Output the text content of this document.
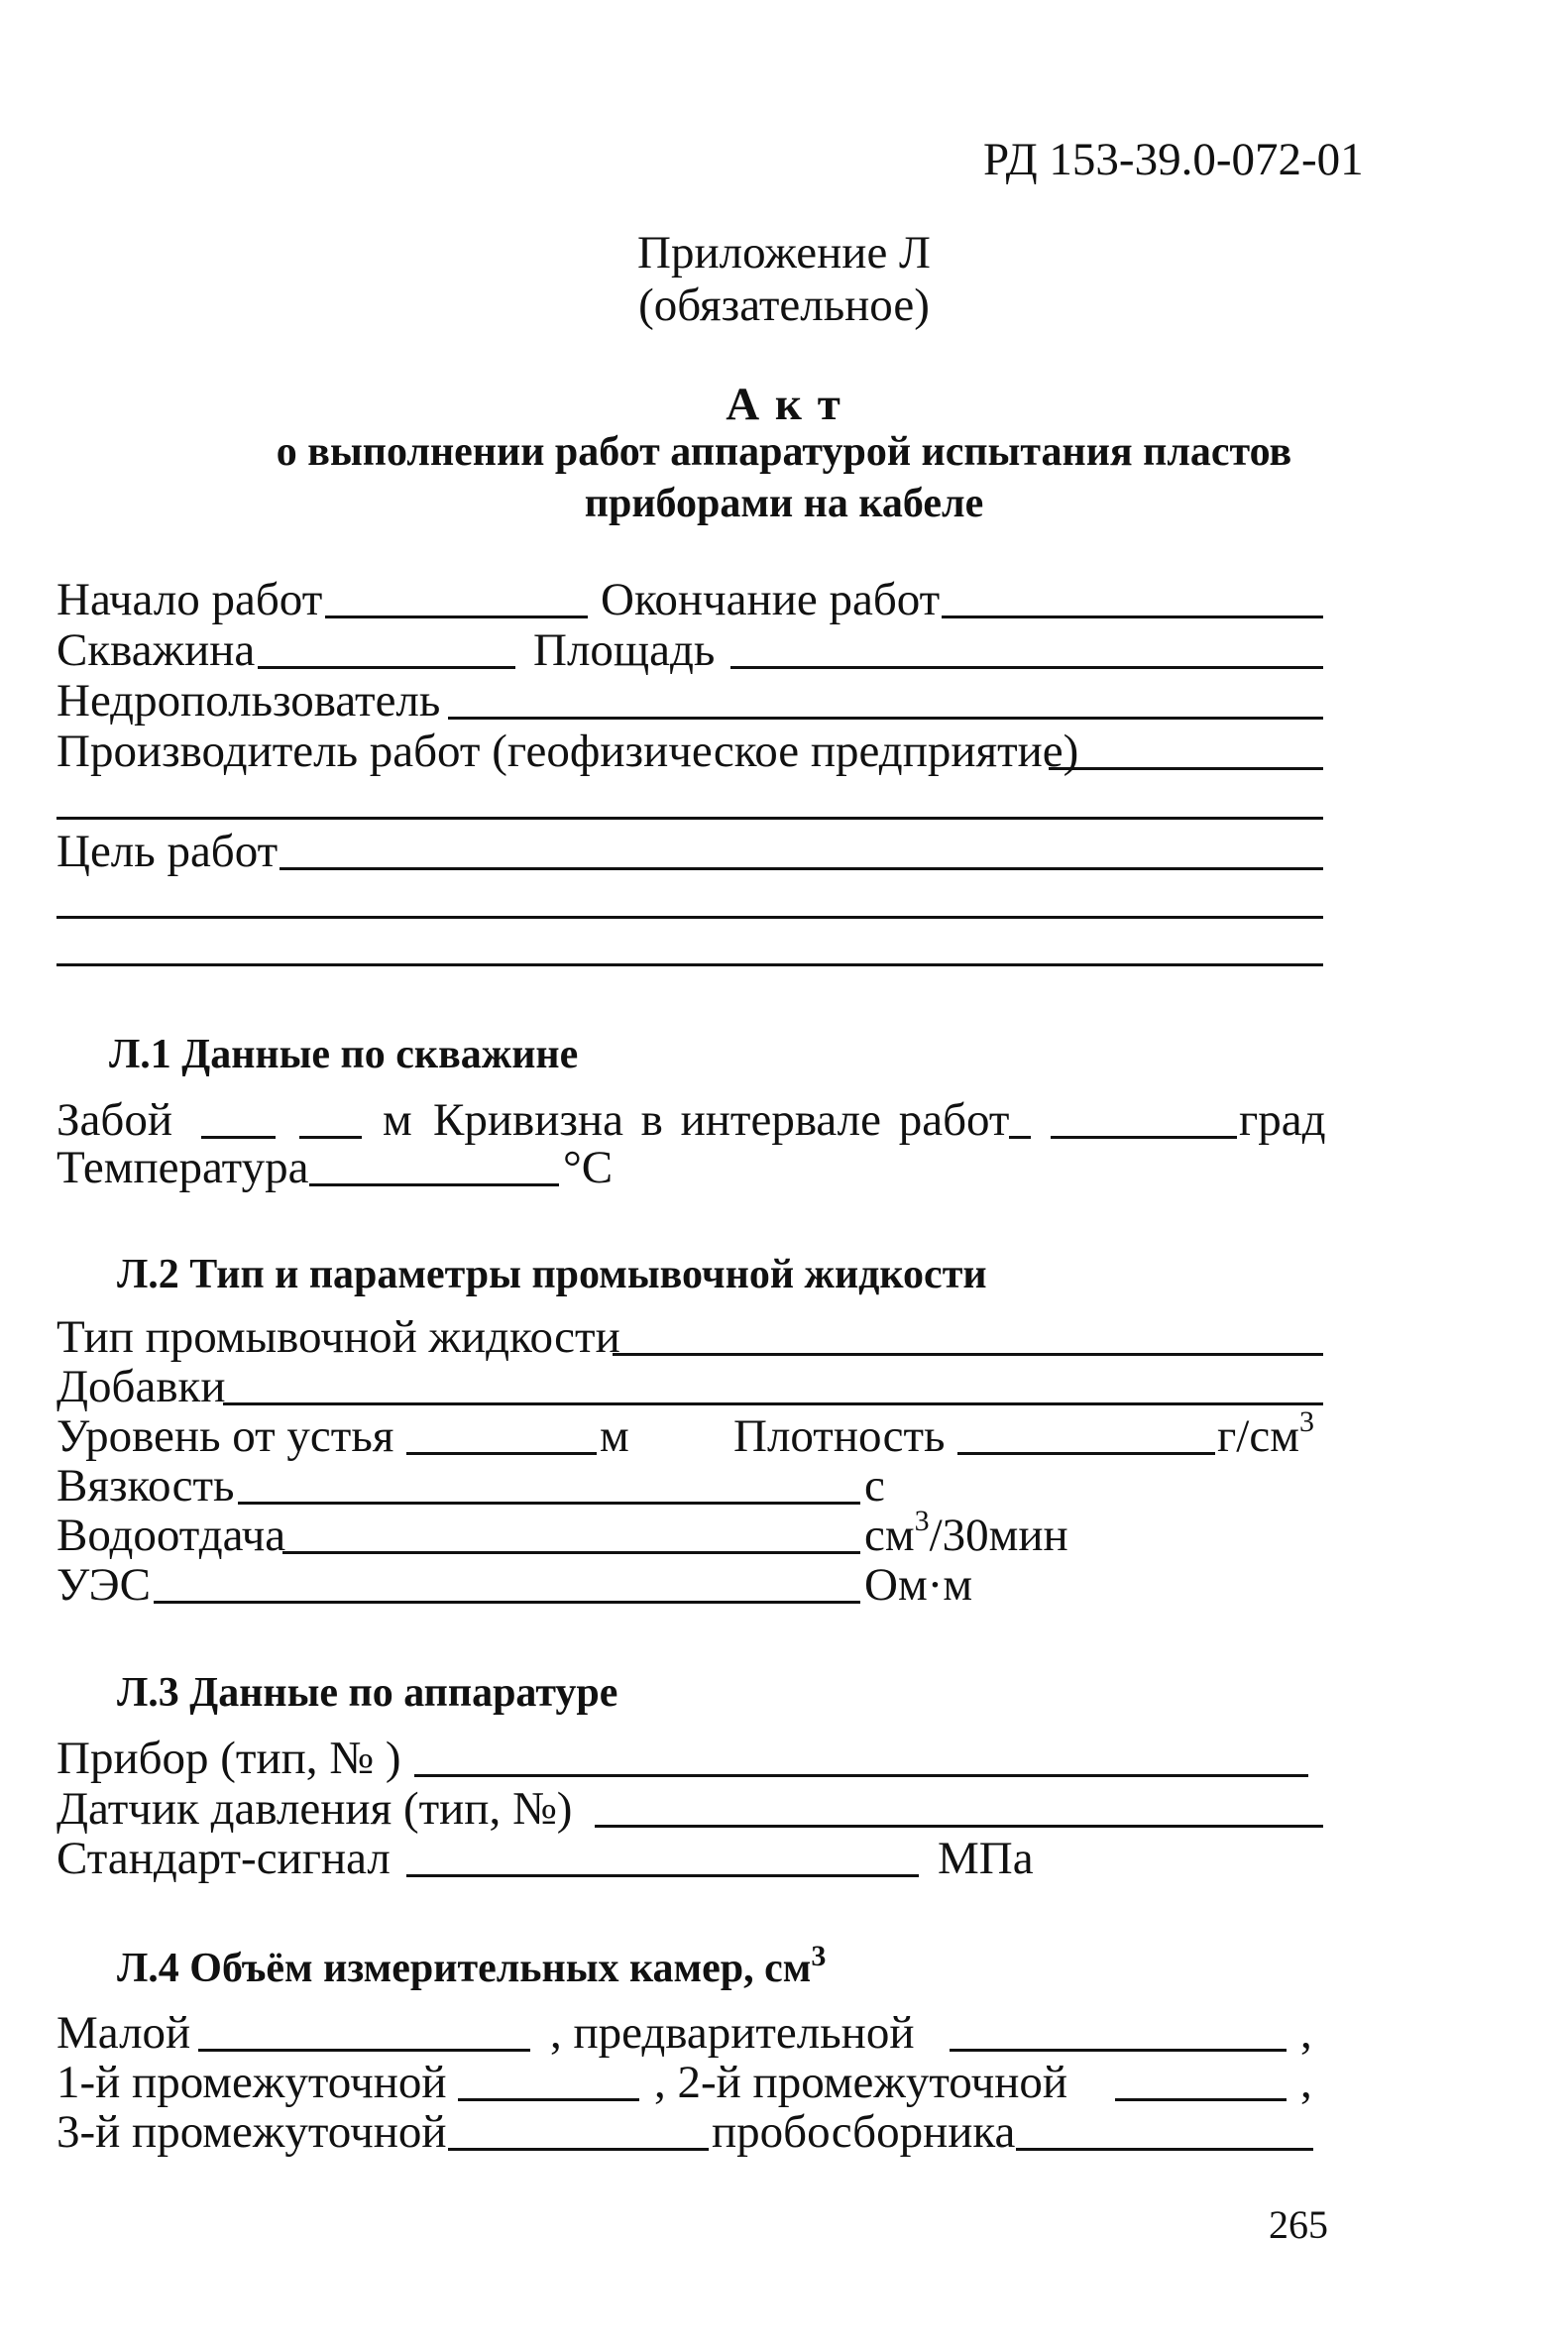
РД 153-39.0-072-01
Приложение Л
(обязательное)
А к т
о выполнении работ аппаратурой испытания пластов
приборами на кабеле
Начало работ	Окончание работ
Скважина	Площадь
Недропользователь
Производитель работ (геофизическое предприятие)
Цель работ
Л.1 Данные по скважине
Забой	м Кривизна в интервале работ	град
Температура	°С
Л.2 Тип и параметры промывочной жидкости
Тип промывочной жидкости
Добавки
Уровень от устья	м Плотность	$г/см^3$
Вязкость	с
Водоотдача	$см^3/30мин$
УЭС	Ом·м
Л.3 Данные по аппаратуре
Прибор (тип, № )
Датчик давления (тип, №)
Стандарт-сигнал	МПа
Л.4 Объём измерительных камер, $см^3$
Малой	, предварительной	,
1-й промежуточной	, 2-й промежуточной	,
3-й промежуточной	пробосборника
265
